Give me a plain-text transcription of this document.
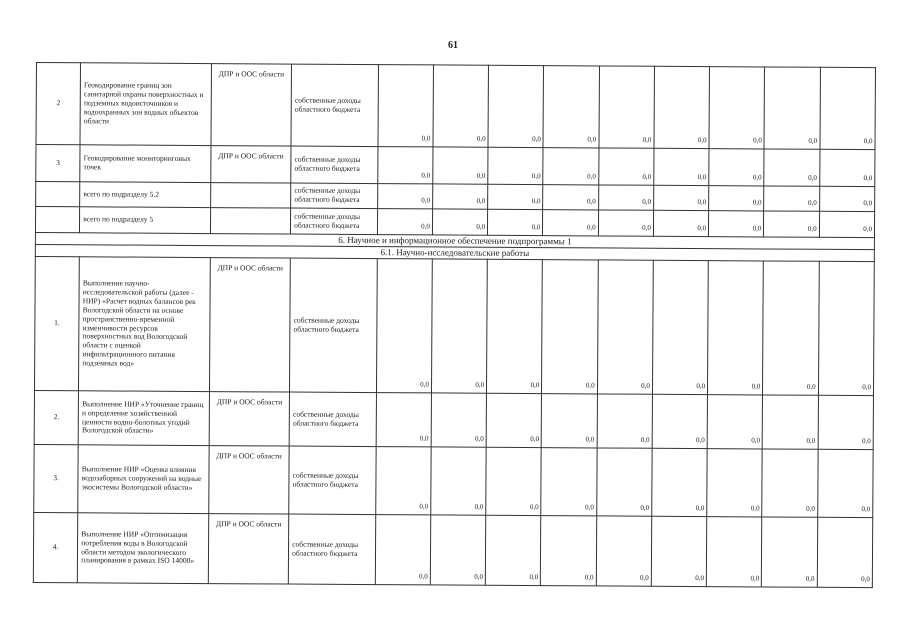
61
2	Геокодирование границ зон санитарной охраны поверхностных и подземных водоисточников и водоохранных зон водных объектов области	ДПР и ООС области	собственные доходы областного бюджета	0,0	0,0	0,0	0,0	0,0	0,0	0,0	0,0	0,0
3	Геокодирование мониторинговых точек	ДПР и ООС области	собственные доходы областного бюджета	0,0	0,0	0,0	0,0	0,0	0,0	0,0	0,0	0,0
	всего по подразделу 5.2		собственные доходы областного бюджета	0,0	0,0	0,0	0,0	0,0	0,0	0,0	0,0	0,0
	всего по подразделу 5		собственные доходы областного бюджета	0,0	0,0	0,0	0,0	0,0	0,0	0,0	0,0	0,0
6. Научное и информационное обеспечение подпрограммы 1												
6.1. Научно-исследовательские работы												
1.	Выполнение научно-исследовательской работы (далее - НИР) «Расчет водных балансов рек Вологодской области на основе пространственно-временной изменчивости ресурсов поверхностных вод Вологодской области с оценкой инфильтрационного питания подземных вод»	ДПР и ООС области	собственные доходы областного бюджета	0,0	0,0	0,0	0,0	0,0	0,0	0,0	0,0	0,0
2.	Выполнение НИР «Уточнение границ и определение хозяйственной ценности водно-болотных угодий Вологодской области»	ДПР и ООС области	собственные доходы областного бюджета	0,0	0,0	0,0	0,0	0,0	0,0	0,0	0,0	0,0
3.	Выполнение НИР «Оценка влияния водозаборных сооружений на водные экосистемы Вологодской области»	ДПР и ООС области	собственные доходы областного бюджета	0,0	0,0	0,0	0,0	0,0	0,0	0,0	0,0	0,0
4.	Выполнение НИР «Оптимизация потребления воды в Вологодской области методом экологического планирования в рамках ISO 14000»	ДПР и ООС области	собственные доходы областного бюджета	0,0	0,0	0,0	0,0	0,0	0,0	0,0	0,0	0,0
